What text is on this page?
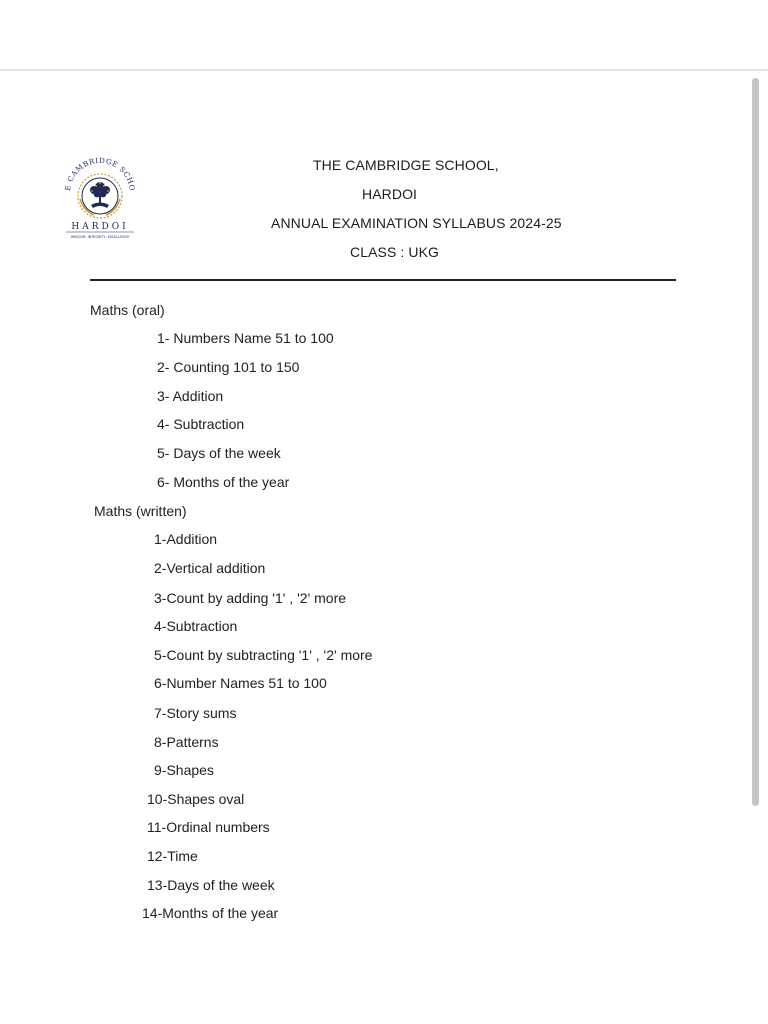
E CAMBRIDGE SCHO
HARDOI
WISDOM, INTEGRITY, EXCELLENCE
THE CAMBRIDGE SCHOOL,
HARDOI
ANNUAL EXAMINATION SYLLABUS 2024-25
CLASS : UKG
Maths (oral)
1- Numbers Name 51 to 100
2- Counting 101 to 150
3- Addition
4- Subtraction
5- Days of the week
6- Months of the year
Maths (written)
1-Addition
2-Vertical addition
3-Count by adding '1' , '2' more
4-Subtraction
5-Count by subtracting '1' , '2' more
6-Number Names 51 to 100
7-Story sums
8-Patterns
9-Shapes
10-Shapes oval
11-Ordinal numbers
12-Time
13-Days of the week
14-Months of the year
